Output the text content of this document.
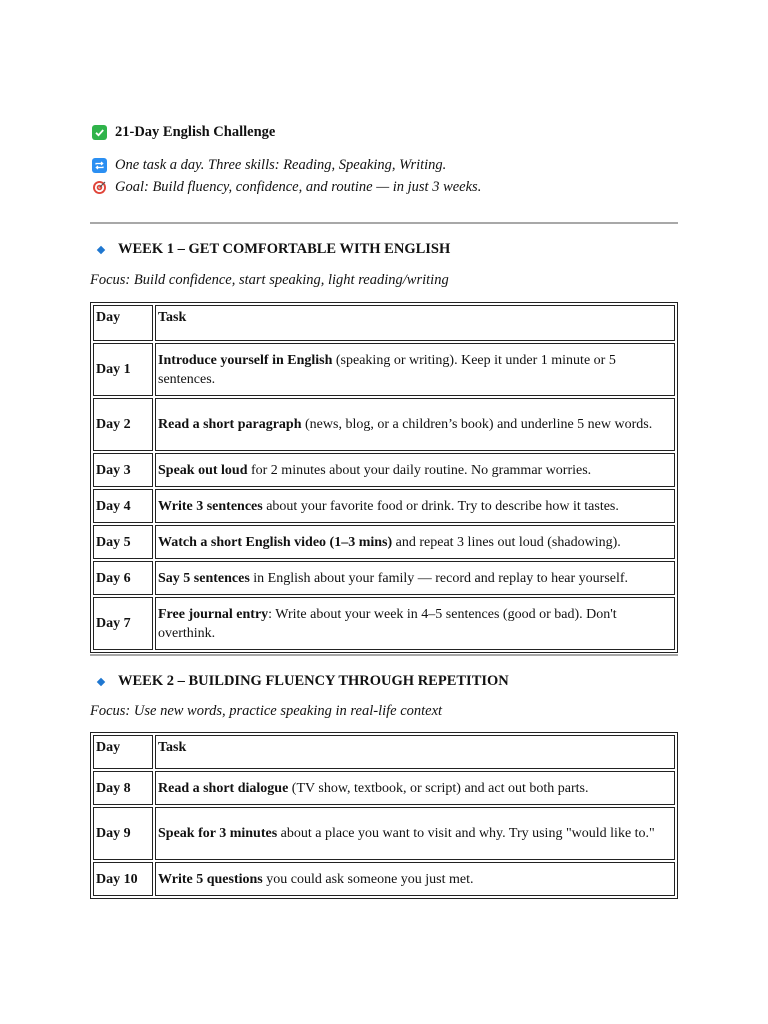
21-Day English Challenge
One task a day. Three skills: Reading, Speaking, Writing.
Goal: Build fluency, confidence, and routine — in just 3 weeks.
WEEK 1 – GET COMFORTABLE WITH ENGLISH
Focus: Build confidence, start speaking, light reading/writing
Day	Task
Day 1	Introduce yourself in English (speaking or writing). Keep it under 1 minute or 5 sentences.
Day 2	Read a short paragraph (news, blog, or a children’s book) and underline 5 new words.
Day 3	Speak out loud for 2 minutes about your daily routine. No grammar worries.
Day 4	Write 3 sentences about your favorite food or drink. Try to describe how it tastes.
Day 5	Watch a short English video (1–3 mins) and repeat 3 lines out loud (shadowing).
Day 6	Say 5 sentences in English about your family — record and replay to hear yourself.
Day 7	Free journal entry: Write about your week in 4–5 sentences (good or bad). Don't overthink.
WEEK 2 – BUILDING FLUENCY THROUGH REPETITION
Focus: Use new words, practice speaking in real-life context
Day	Task
Day 8	Read a short dialogue (TV show, textbook, or script) and act out both parts.
Day 9	Speak for 3 minutes about a place you want to visit and why. Try using "would like to."
Day 10	Write 5 questions you could ask someone you just met.
